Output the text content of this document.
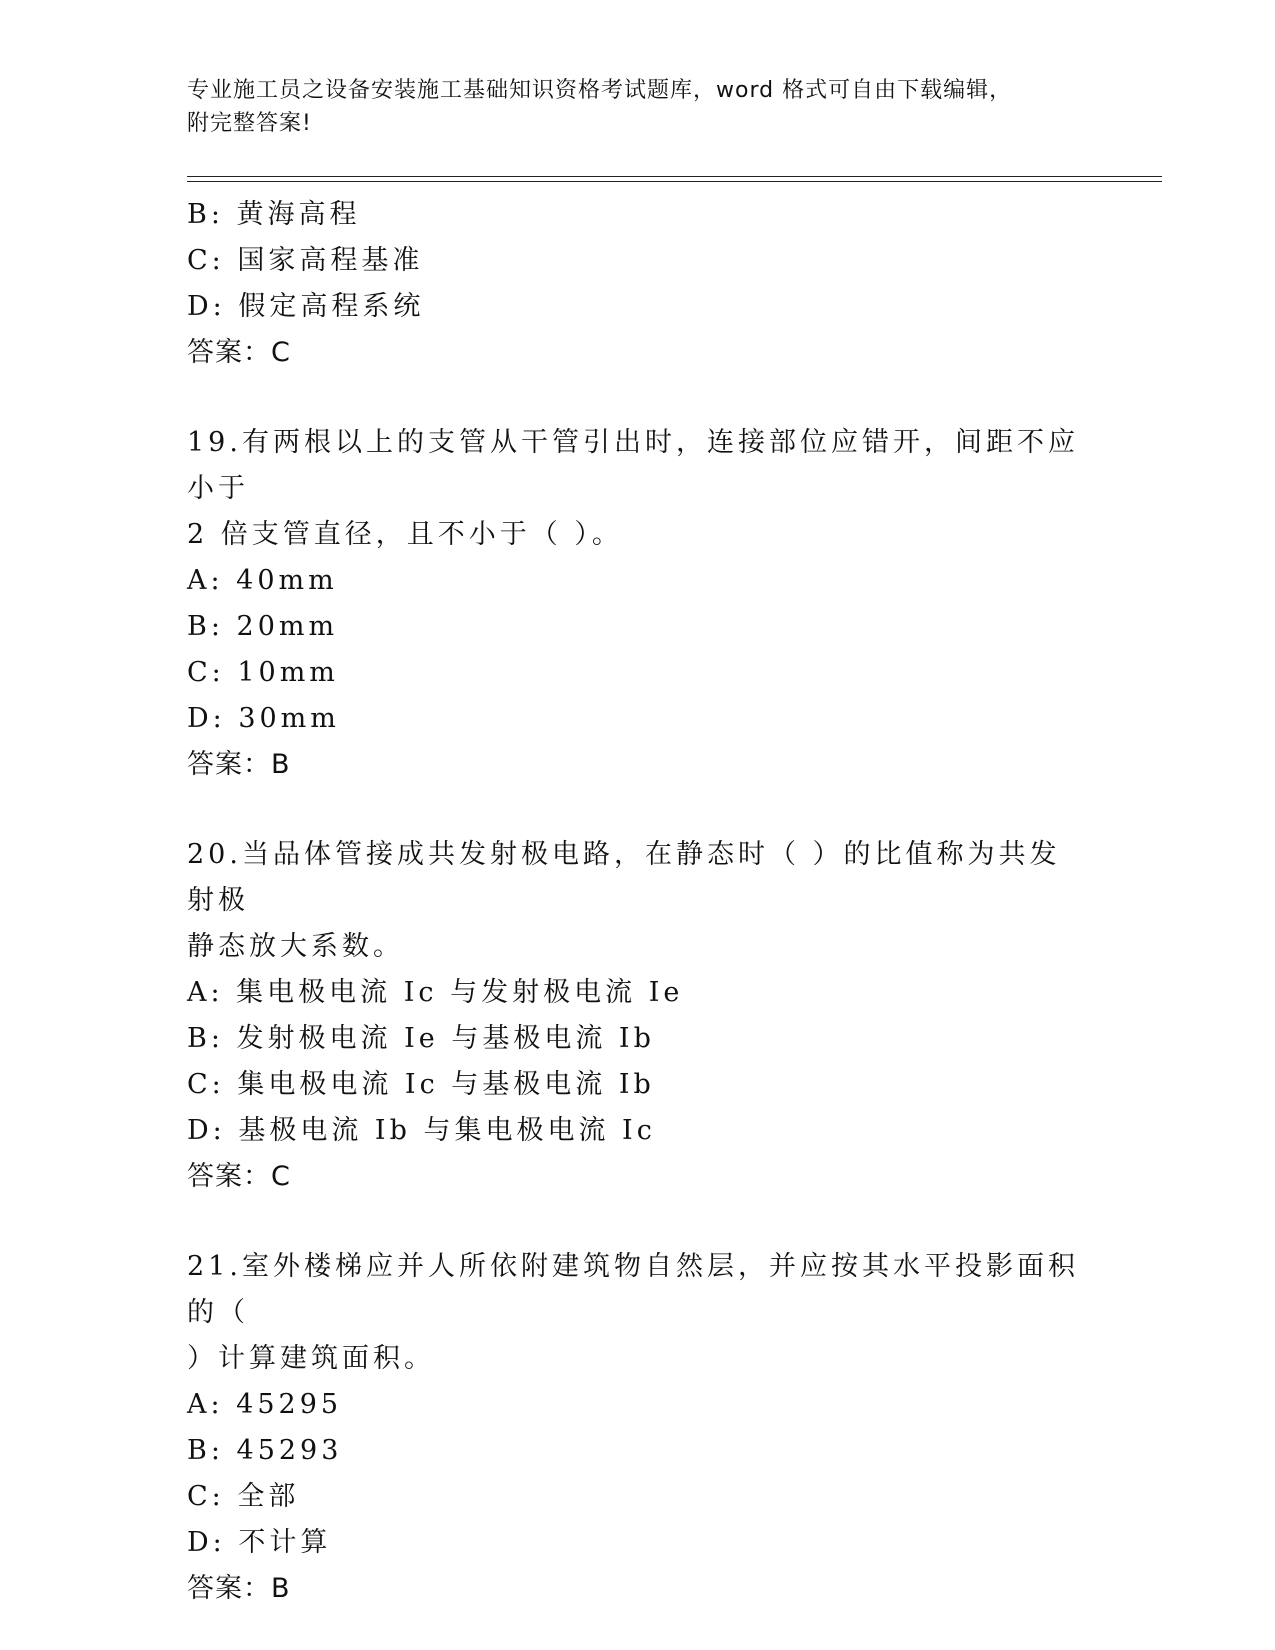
专业施工员之设备安装施工基础知识资格考试题库，word 格式可自由下载编辑，
附完整答案!
B: 黄海高程
C: 国家高程基准
D: 假定高程系统
答案：C
19.有两根以上的支管从干管引出时，连接部位应错开，间距不应小于
2 倍支管直径，且不小于（ ）。
A: 40mm
B: 20mm
C: 10mm
D: 30mm
答案：B
20.当品体管接成共发射极电路，在静态时（ ）的比值称为共发射极
静态放大系数。
A: 集电极电流 Ic 与发射极电流 Ie
B: 发射极电流 Ie 与基极电流 Ib
C: 集电极电流 Ic 与基极电流 Ib
D: 基极电流 Ib 与集电极电流 Ic
答案：C
21.室外楼梯应并人所依附建筑物自然层，并应按其水平投影面积的（
）计算建筑面积。
A: 45295
B: 45293
C: 全部
D: 不计算
答案：B
